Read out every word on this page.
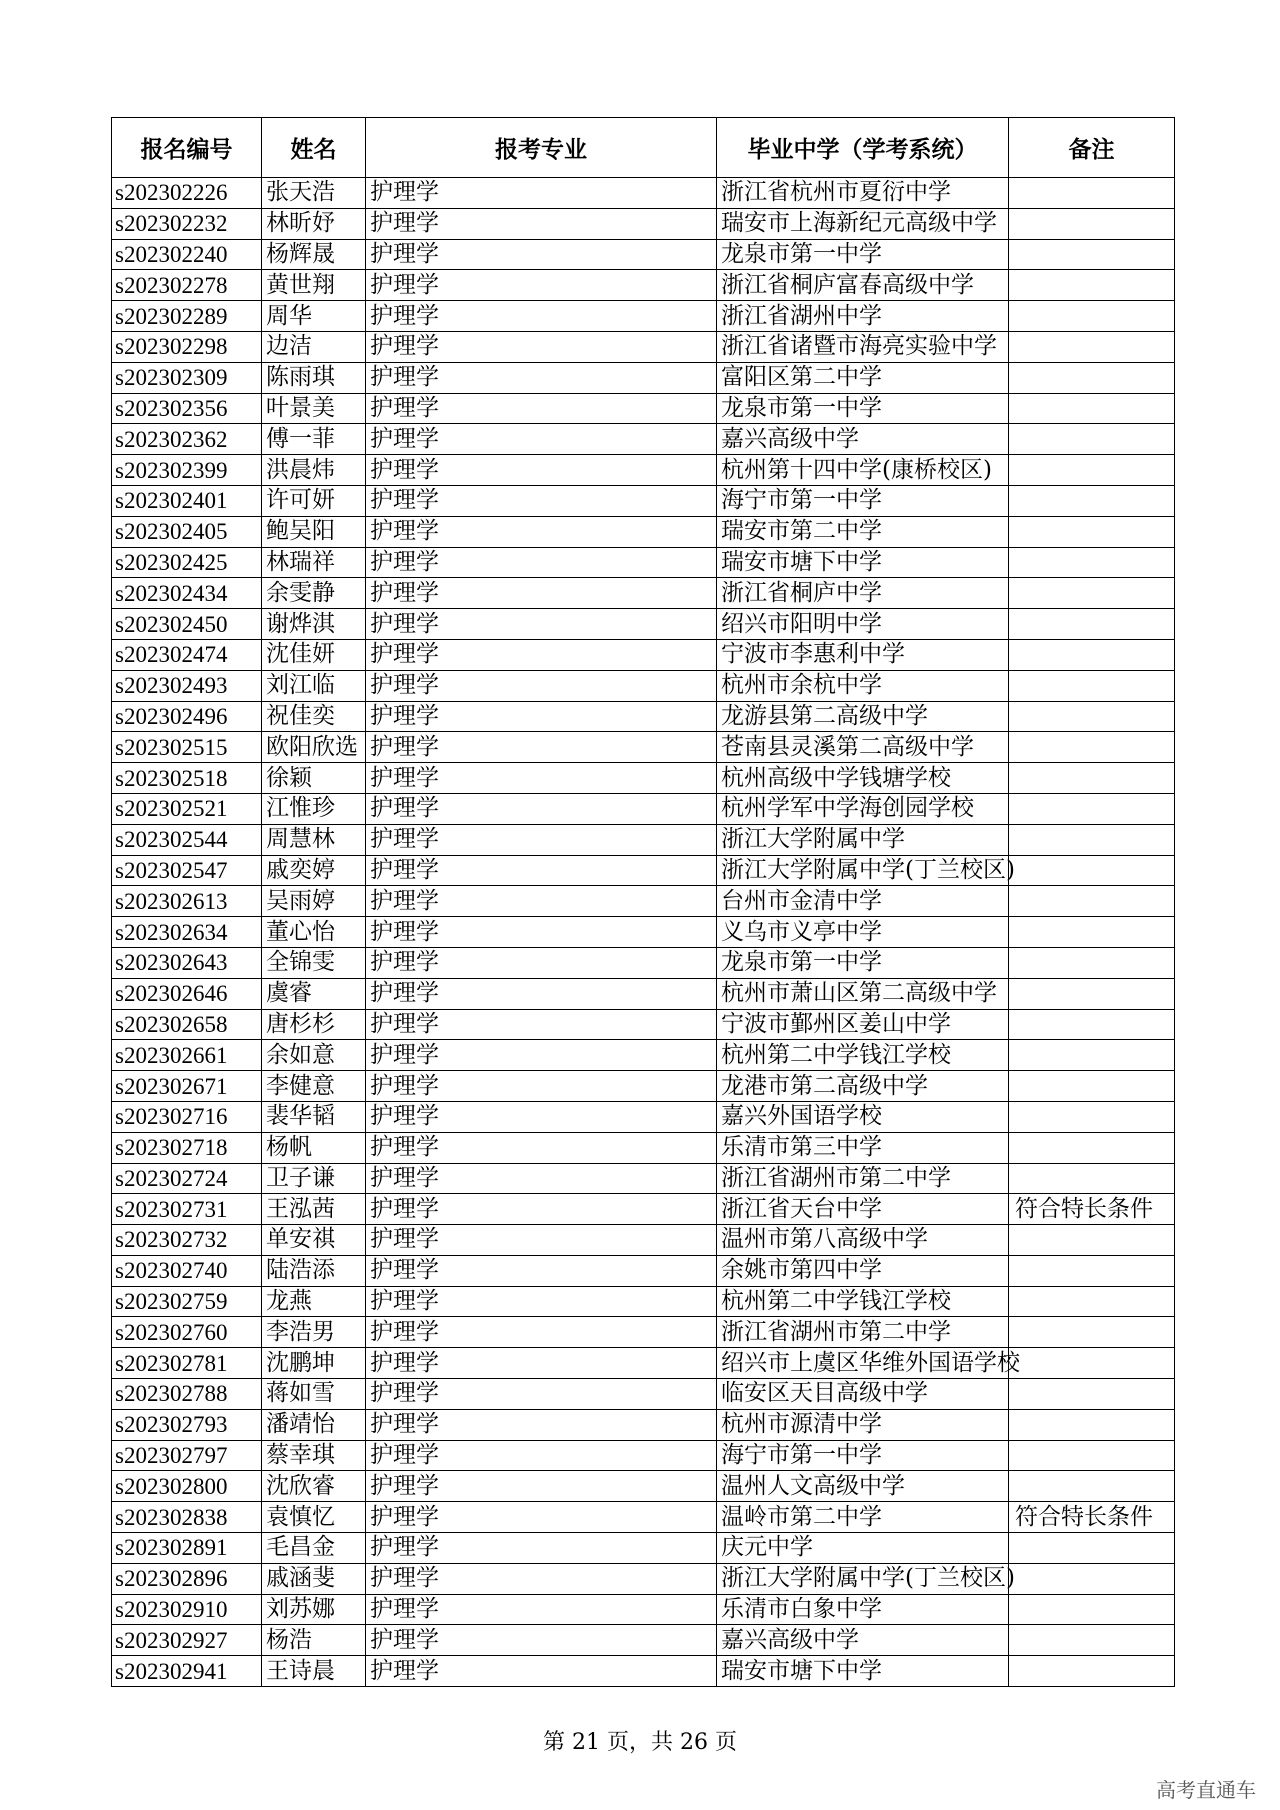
报名编号	姓名	报考专业	毕业中学（学考系统）	备注
s202302226	张天浩	护理学	浙江省杭州市夏衍中学	
s202302232	林昕妤	护理学	瑞安市上海新纪元高级中学	
s202302240	杨辉晟	护理学	龙泉市第一中学	
s202302278	黄世翔	护理学	浙江省桐庐富春高级中学	
s202302289	周华	护理学	浙江省湖州中学	
s202302298	边洁	护理学	浙江省诸暨市海亮实验中学	
s202302309	陈雨琪	护理学	富阳区第二中学	
s202302356	叶景美	护理学	龙泉市第一中学	
s202302362	傅一菲	护理学	嘉兴高级中学	
s202302399	洪晨炜	护理学	杭州第十四中学(康桥校区)	
s202302401	许可妍	护理学	海宁市第一中学	
s202302405	鲍吴阳	护理学	瑞安市第二中学	
s202302425	林瑞祥	护理学	瑞安市塘下中学	
s202302434	余雯静	护理学	浙江省桐庐中学	
s202302450	谢烨淇	护理学	绍兴市阳明中学	
s202302474	沈佳妍	护理学	宁波市李惠利中学	
s202302493	刘江临	护理学	杭州市余杭中学	
s202302496	祝佳奕	护理学	龙游县第二高级中学	
s202302515	欧阳欣选	护理学	苍南县灵溪第二高级中学	
s202302518	徐颖	护理学	杭州高级中学钱塘学校	
s202302521	江惟珍	护理学	杭州学军中学海创园学校	
s202302544	周慧林	护理学	浙江大学附属中学	
s202302547	戚奕婷	护理学	浙江大学附属中学(丁兰校区)	
s202302613	吴雨婷	护理学	台州市金清中学	
s202302634	董心怡	护理学	义乌市义亭中学	
s202302643	全锦雯	护理学	龙泉市第一中学	
s202302646	虞睿	护理学	杭州市萧山区第二高级中学	
s202302658	唐杉杉	护理学	宁波市鄞州区姜山中学	
s202302661	余如意	护理学	杭州第二中学钱江学校	
s202302671	李健意	护理学	龙港市第二高级中学	
s202302716	裴华韬	护理学	嘉兴外国语学校	
s202302718	杨帆	护理学	乐清市第三中学	
s202302724	卫子谦	护理学	浙江省湖州市第二中学	
s202302731	王泓茜	护理学	浙江省天台中学	符合特长条件
s202302732	单安祺	护理学	温州市第八高级中学	
s202302740	陆浩添	护理学	余姚市第四中学	
s202302759	龙燕	护理学	杭州第二中学钱江学校	
s202302760	李浩男	护理学	浙江省湖州市第二中学	
s202302781	沈鹏坤	护理学	绍兴市上虞区华维外国语学校	
s202302788	蒋如雪	护理学	临安区天目高级中学	
s202302793	潘靖怡	护理学	杭州市源清中学	
s202302797	蔡幸琪	护理学	海宁市第一中学	
s202302800	沈欣睿	护理学	温州人文高级中学	
s202302838	袁慎忆	护理学	温岭市第二中学	符合特长条件
s202302891	毛昌金	护理学	庆元中学	
s202302896	戚涵斐	护理学	浙江大学附属中学(丁兰校区)	
s202302910	刘苏娜	护理学	乐清市白象中学	
s202302927	杨浩	护理学	嘉兴高级中学	
s202302941	王诗晨	护理学	瑞安市塘下中学	
第 21 页，共 26 页
高考直通车
